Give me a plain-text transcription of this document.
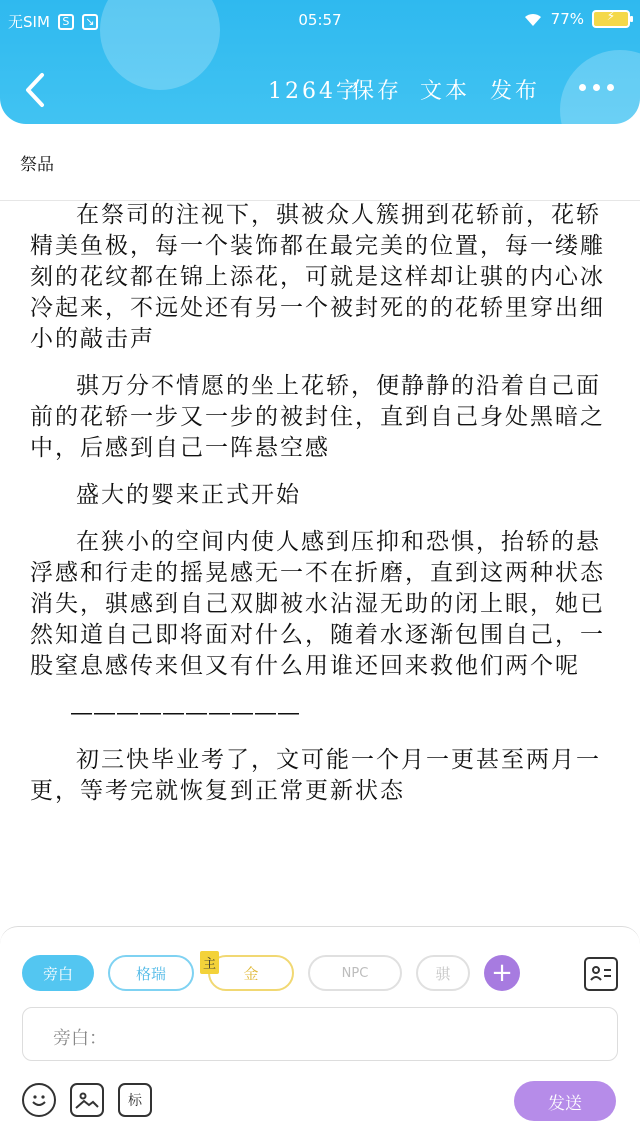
无SIM	S	↘	05:57	77%	⚡
1264字
保存 文本 发布
祭品

在祭司的注视下，骐被众人簇拥到花轿前，花轿精美鱼极，每一个装饰都在最完美的位置，每一缕雕刻的花纹都在锦上添花，可就是这样却让骐的内心冰冷起来，不远处还有另一个被封死的的花轿里穿出细小的敲击声

骐万分不情愿的坐上花轿，便静静的沿着自己面前的花轿一步又一步的被封住，直到自己身处黑暗之中，后感到自己一阵悬空感

盛大的婴来正式开始

在狭小的空间内使人感到压抑和恐惧，抬轿的悬浮感和行走的摇晃感无一不在折磨，直到这两种状态消失，骐感到自己双脚被水沾湿无助的闭上眼，她已然知道自己即将面对什么，随着水逐渐包围自己，一股窒息感传来但又有什么用谁还回来救他们两个呢

——————————

初三快毕业考了，文可能一个月一更甚至两月一更，等考完就恢复到正常更新状态

旁白	格瑞	主 金	NPC	骐	+
旁白：
标	发送
